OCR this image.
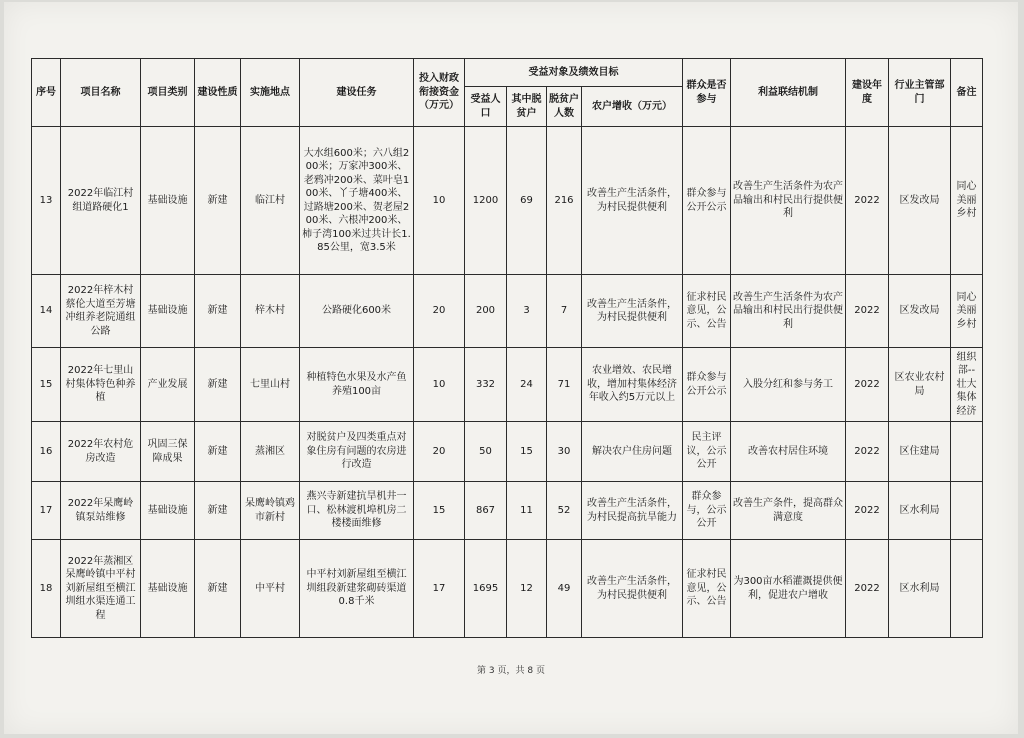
序号	项目名称	项目类别	建设性质	实施地点	建设任务	投入财政衔接资金（万元）	受益对象及绩效目标				群众是否参与	利益联结机制	建设年度	行业主管部门	备注
							受益人口	其中脱贫户	脱贫户人数	农户增收（万元）					
13	2022年临江村组道路硬化1	基础设施	新建	临江村	大水组600米；六八组200米；万家冲300米、老鸦冲200米、菜叶皂100米、丫子塘400米、过路塘200米、贺老屋200米、六根冲200米、柿子湾100米过共计长1.85公里，宽3.5米	10	1200	69	216	改善生产生活条件，为村民提供便利	群众参与公开公示	改善生产生活条件为农产品输出和村民出行提供便利	2022	区发改局	同心美丽乡村
14	2022年梓木村蔡伦大道至芳塘冲组养老院通组公路	基础设施	新建	梓木村	公路硬化600米	20	200	3	7	改善生产生活条件，为村民提供便利	征求村民意见，公示、公告	改善生产生活条件为农产品输出和村民出行提供便利	2022	区发改局	同心美丽乡村
15	2022年七里山村集体特色种养植	产业发展	新建	七里山村	种植特色水果及水产鱼养殖100亩	10	332	24	71	农业增效、农民增收，增加村集体经济年收入约5万元以上	群众参与公开公示	入股分红和参与务工	2022	区农业农村局	组织部--壮大集体经济
16	2022年农村危房改造	巩固三保障成果	新建	蒸湘区	对脱贫户及四类重点对象住房有问题的农房进行改造	20	50	15	30	解决农户住房问题	民主评议，公示公开	改善农村居住环境	2022	区住建局	
17	2022年呆鹰岭镇泵站维修	基础设施	新建	呆鹰岭镇鸡市新村	燕兴寺新建抗旱机井一口、松林渡机埠机房二楼楼面维修	15	867	11	52	改善生产生活条件，为村民提高抗旱能力	群众参与，公示公开	改善生产条件，提高群众满意度	2022	区水利局	
18	2022年蒸湘区呆鹰岭镇中平村刘新屋组至横江圳组水渠连通工程	基础设施	新建	中平村	中平村刘新屋组至横江圳组段新建浆砌砖渠道0.8千米	17	1695	12	49	改善生产生活条件，为村民提供便利	征求村民意见，公示、公告	为300亩水稻灌溉提供便利，促进农户增收	2022	区水利局	
第 3 页，共 8 页
